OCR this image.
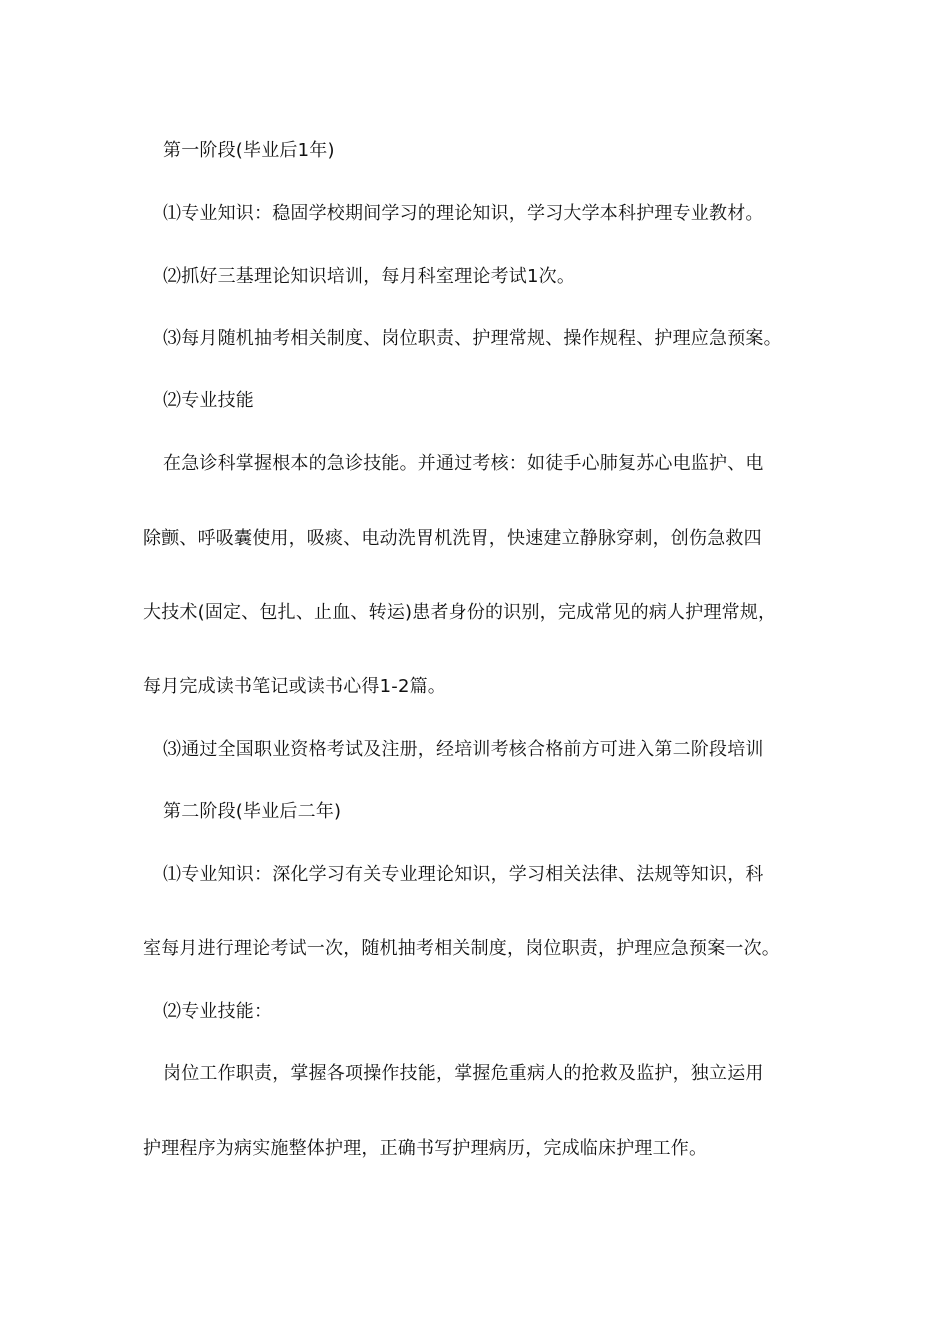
第一阶段(毕业后1年)
⑴专业知识：稳固学校期间学习的理论知识，学习大学本科护理专业教材。
⑵抓好三基理论知识培训，每月科室理论考试1次。
⑶每月随机抽考相关制度、岗位职责、护理常规、操作规程、护理应急预案。
⑵专业技能
在急诊科掌握根本的急诊技能。并通过考核：如徒手心肺复苏心电监护、电
除颤、呼吸囊使用，吸痰、电动洗胃机洗胃，快速建立静脉穿刺，创伤急救四
大技术(固定、包扎、止血、转运)患者身份的识别，完成常见的病人护理常规，
每月完成读书笔记或读书心得1-2篇。
⑶通过全国职业资格考试及注册，经培训考核合格前方可进入第二阶段培训
第二阶段(毕业后二年)
⑴专业知识：深化学习有关专业理论知识，学习相关法律、法规等知识，科
室每月进行理论考试一次，随机抽考相关制度，岗位职责，护理应急预案一次。
⑵专业技能：
岗位工作职责，掌握各项操作技能，掌握危重病人的抢救及监护，独立运用
护理程序为病实施整体护理，正确书写护理病历，完成临床护理工作。
